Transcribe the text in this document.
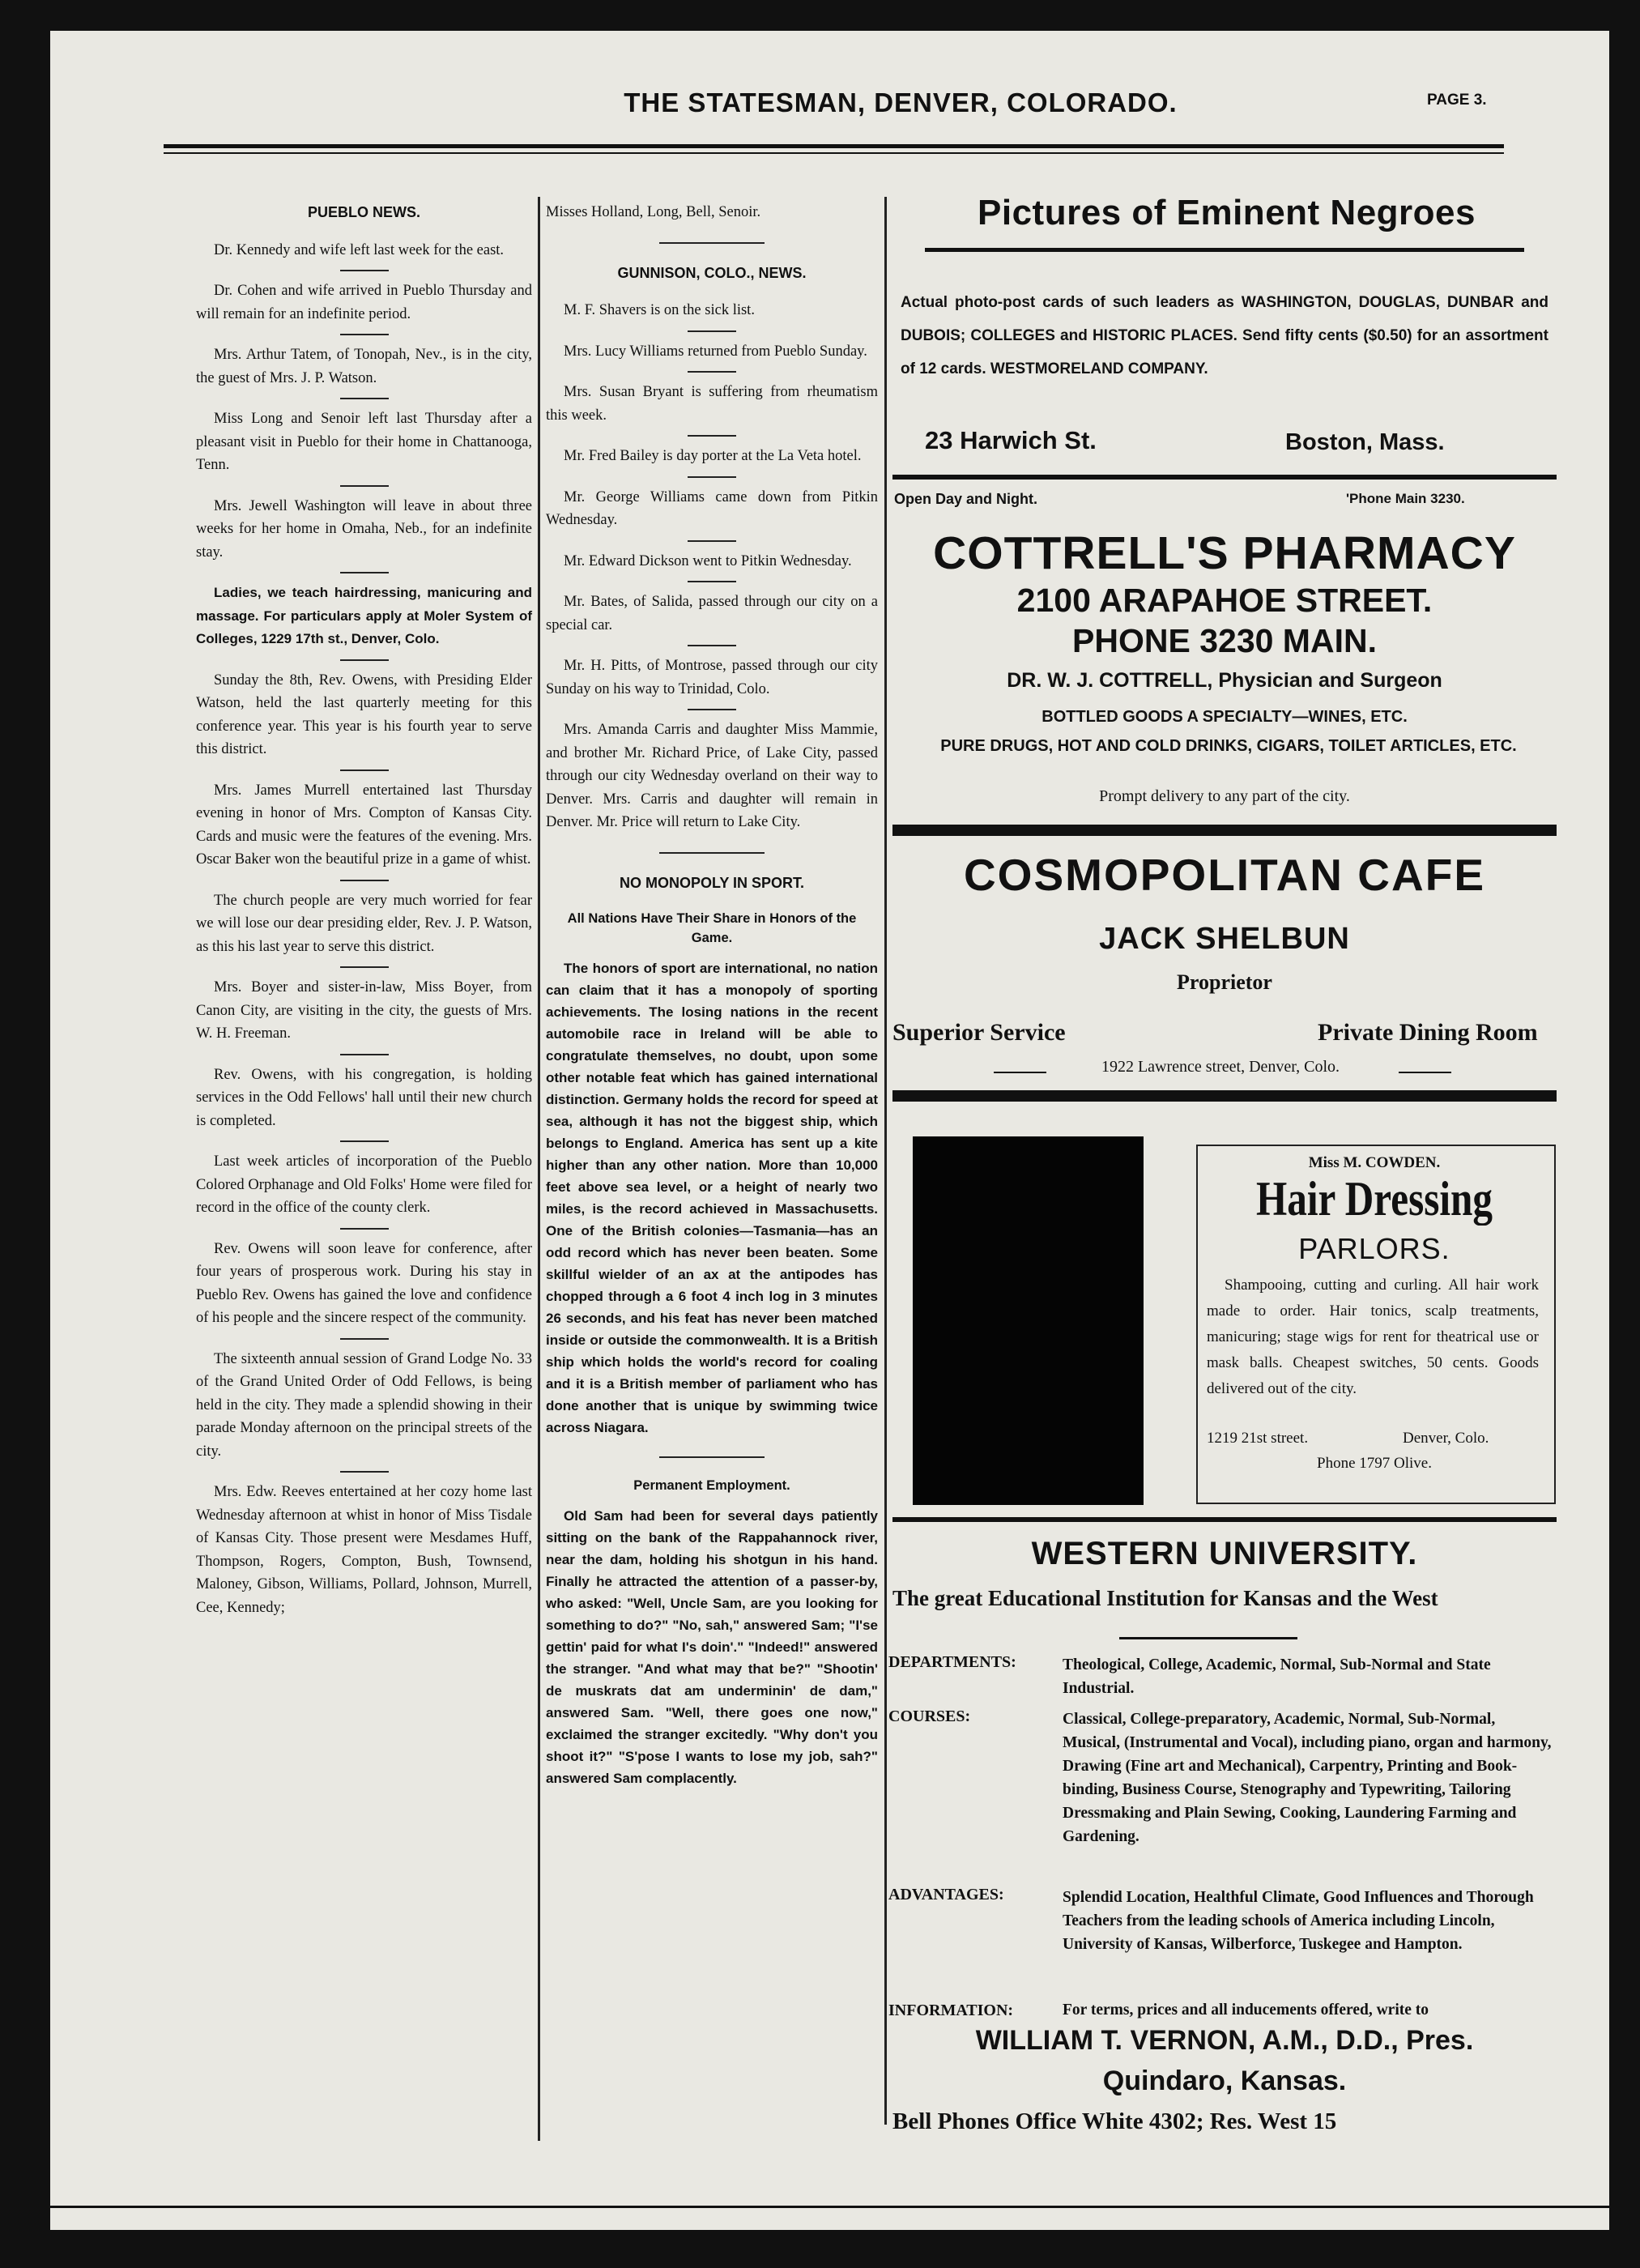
THE STATESMAN, DENVER, COLORADO.	PAGE 3.
PUEBLO NEWS.

Dr. Kennedy and wife left last week for the east.

Dr. Cohen and wife arrived in Pueblo Thursday and will remain for an indefinite period.

Mrs. Arthur Tatem, of Tonopah, Nev., is in the city, the guest of Mrs. J. P. Watson.

Miss Long and Senoir left last Thursday after a pleasant visit in Pueblo for their home in Chattanooga, Tenn.

Mrs. Jewell Washington will leave in about three weeks for her home in Omaha, Neb., for an indefinite stay.

Ladies, we teach hairdressing, manicuring and massage. For particulars apply at Moler System of Colleges, 1229 17th st., Denver, Colo.

Sunday the 8th, Rev. Owens, with Presiding Elder Watson, held the last quarterly meeting for this conference year. This year is his fourth year to serve this district.

Mrs. James Murrell entertained last Thursday evening in honor of Mrs. Compton of Kansas City. Cards and music were the features of the evening. Mrs. Oscar Baker won the beautiful prize in a game of whist.

The church people are very much worried for fear we will lose our dear presiding elder, Rev. J. P. Watson, as this his last year to serve this district.

Mrs. Boyer and sister-in-law, Miss Boyer, from Canon City, are visiting in the city, the guests of Mrs. W. H. Freeman.

Rev. Owens, with his congregation, is holding services in the Odd Fellows' hall until their new church is completed.

Last week articles of incorporation of the Pueblo Colored Orphanage and Old Folks' Home were filed for record in the office of the county clerk.

Rev. Owens will soon leave for conference, after four years of prosperous work. During his stay in Pueblo Rev. Owens has gained the love and confidence of his people and the sincere respect of the community.

The sixteenth annual session of Grand Lodge No. 33 of the Grand United Order of Odd Fellows, is being held in the city. They made a splendid showing in their parade Monday afternoon on the principal streets of the city.

Mrs. Edw. Reeves entertained at her cozy home last Wednesday afternoon at whist in honor of Miss Tisdale of Kansas City. Those present were Mesdames Huff, Thompson, Rogers, Compton, Bush, Townsend, Maloney, Gibson, Williams, Pollard, Johnson, Murrell, Cee, Kennedy;

Misses Holland, Long, Bell, Senoir.

GUNNISON, COLO., NEWS.

M. F. Shavers is on the sick list.

Mrs. Lucy Williams returned from Pueblo Sunday.

Mrs. Susan Bryant is suffering from rheumatism this week.

Mr. Fred Bailey is day porter at the La Veta hotel.

Mr. George Williams came down from Pitkin Wednesday.

Mr. Edward Dickson went to Pitkin Wednesday.

Mr. Bates, of Salida, passed through our city on a special car.

Mr. H. Pitts, of Montrose, passed through our city Sunday on his way to Trinidad, Colo.

Mrs. Amanda Carris and daughter Miss Mammie, and brother Mr. Richard Price, of Lake City, passed through our city Wednesday overland on their way to Denver. Mrs. Carris and daughter will remain in Denver. Mr. Price will return to Lake City.

NO MONOPOLY IN SPORT.
All Nations Have Their Share in Honors of the Game.

The honors of sport are international, no nation can claim that it has a monopoly of sporting achievements. The losing nations in the recent automobile race in Ireland will be able to congratulate themselves, no doubt, upon some other notable feat which has gained international distinction. Germany holds the record for speed at sea, although it has not the biggest ship, which belongs to England. America has sent up a kite higher than any other nation. More than 10,000 feet above sea level, or a height of nearly two miles, is the record achieved in Massachusetts. One of the British colonies—Tasmania—has an odd record which has never been beaten. Some skillful wielder of an ax at the antipodes has chopped through a 6 foot 4 inch log in 3 minutes 26 seconds, and his feat has never been matched inside or outside the commonwealth. It is a British ship which holds the world's record for coaling and it is a British member of parliament who has done another that is unique by swimming twice across Niagara.

Permanent Employment.

Old Sam had been for several days patiently sitting on the bank of the Rappahannock river, near the dam, holding his shotgun in his hand. Finally he attracted the attention of a passer-by, who asked: "Well, Uncle Sam, are you looking for something to do?" "No, sah," answered Sam; "I'se gettin' paid for what I's doin'." "Indeed!" answered the stranger. "And what may that be?" "Shootin' de muskrats dat am underminin' de dam," answered Sam. "Well, there goes one now," exclaimed the stranger excitedly. "Why don't you shoot it?" "S'pose I wants to lose my job, sah?" answered Sam complacently.

Pictures of Eminent Negroes
Actual photo-post cards of such leaders as WASHINGTON, DOUGLAS, DUNBAR and DUBOIS; COLLEGES and HISTORIC PLACES. Send fifty cents ($0.50) for an assortment of 12 cards. WESTMORELAND COMPANY.
23 Harwich St.	Boston, Mass.
Open Day and Night.	'Phone Main 3230.
COTTRELL'S PHARMACY
2100 ARAPAHOE STREET.
PHONE 3230 MAIN.
DR. W. J. COTTRELL, Physician and Surgeon
BOTTLED GOODS A SPECIALTY—WINES, ETC.
PURE DRUGS, HOT AND COLD DRINKS, CIGARS, TOILET ARTICLES, ETC.
Prompt delivery to any part of the city.
COSMOPOLITAN CAFE
JACK SHELBUN
Proprietor
Superior Service	Private Dining Room
1922 Lawrence street, Denver, Colo.
Miss M. COWDEN.
Hair Dressing
PARLORS.
Shampooing, cutting and curling. All hair work made to order. Hair tonics, scalp treatments, manicuring; stage wigs for rent for theatrical use or mask balls. Cheapest switches, 50 cents. Goods delivered out of the city.
1219 21st street.	Denver, Colo.
Phone 1797 Olive.
WESTERN UNIVERSITY.
The great Educational Institution for Kansas and the West
DEPARTMENTS:	Theological, College, Academic, Normal, Sub-Normal and State Industrial.
COURSES:	Classical, College-preparatory, Academic, Normal, Sub-Normal, Musical, (Instrumental and Vocal), including piano, organ and harmony, Drawing (Fine art and Mechanical), Carpentry, Printing and Book-binding, Business Course, Stenography and Typewriting, Tailoring Dressmaking and Plain Sewing, Cooking, Laundering Farming and Gardening.
ADVANTAGES:	Splendid Location, Healthful Climate, Good Influences and Thorough Teachers from the leading schools of America including Lincoln, University of Kansas, Wilberforce, Tuskegee and Hampton.
INFORMATION:	For terms, prices and all inducements offered, write to
WILLIAM T. VERNON, A.M., D.D., Pres.
Quindaro, Kansas.
Bell Phones Office White 4302; Res. West 15
